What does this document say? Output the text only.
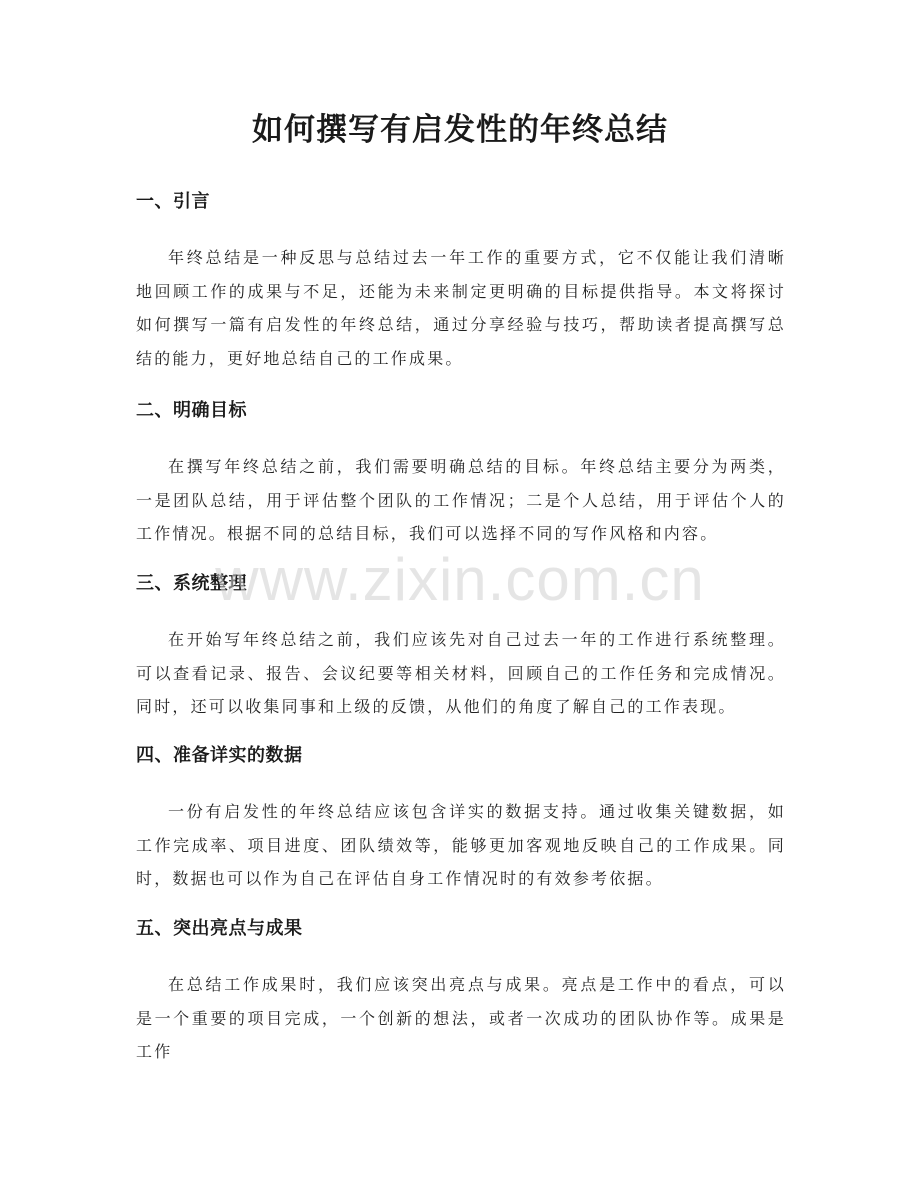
如何撰写有启发性的年终总结
一、引言

年终总结是一种反思与总结过去一年工作的重要方式，它不仅能让我们清晰地回顾工作的成果与不足，还能为未来制定更明确的目标提供指导。本文将探讨如何撰写一篇有启发性的年终总结，通过分享经验与技巧，帮助读者提高撰写总结的能力，更好地总结自己的工作成果。

二、明确目标

在撰写年终总结之前，我们需要明确总结的目标。年终总结主要分为两类，一是团队总结，用于评估整个团队的工作情况；二是个人总结，用于评估个人的工作情况。根据不同的总结目标，我们可以选择不同的写作风格和内容。

三、系统整理

在开始写年终总结之前，我们应该先对自己过去一年的工作进行系统整理。可以查看记录、报告、会议纪要等相关材料，回顾自己的工作任务和完成情况。同时，还可以收集同事和上级的反馈，从他们的角度了解自己的工作表现。

四、准备详实的数据

一份有启发性的年终总结应该包含详实的数据支持。通过收集关键数据，如工作完成率、项目进度、团队绩效等，能够更加客观地反映自己的工作成果。同时，数据也可以作为自己在评估自身工作情况时的有效参考依据。

五、突出亮点与成果

在总结工作成果时，我们应该突出亮点与成果。亮点是工作中的看点，可以是一个重要的项目完成，一个创新的想法，或者一次成功的团队协作等。成果是工作

www.zixin.com.cn
